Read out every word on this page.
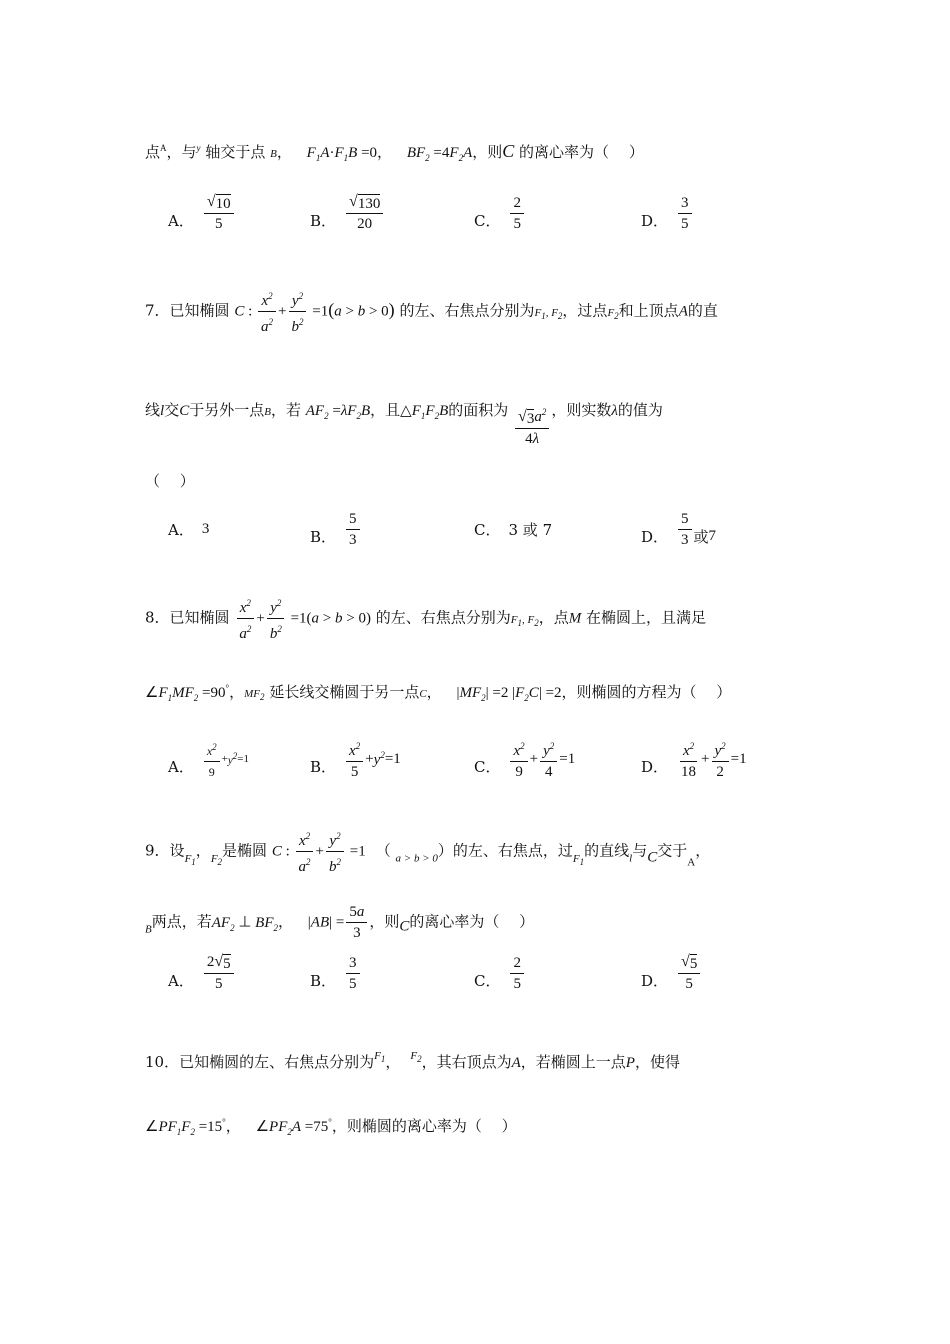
点$^A$，与$^y$ 轴交于点 B， $F_1A\cdot F_1B =0$， $BF_2 =4F_2A$，则C 的离心率为（　 ）
A． $\frac{√ 10}{5}$	B． $\frac{√ 130}{20}$	C． $\frac{2}{5}$	D． $\frac{3}{5}$
7．已知椭圆 C : $\frac{x^2}{a^2} + \frac{y^2}{b^2} =1(a > b > 0)$ 的左、右焦点分别为$F_1$, $F_2$，过点$F_2$和上顶点A的直
线l交C于另外一点B，若 $AF_2 =\lambda F_2B$，且$\triangle F_1F_2B$的面积为 $\frac{√ 3 a^2}{4\lambda}$ ，则实数λ的值为
（　 ）
A． 3	B． $\frac{5}{3}$	C． 3 或 7	D． $\frac{5}{3}$ 或 7
8．已知椭圆 $\frac{x^2}{a^2} + \frac{y^2}{b^2} =1(a > b > 0)$ 的左、右焦点分别为$F_1$, $F_2$，点M 在椭圆上，且满足
$\angle F_1MF_2 =90^\circ$，$MF_2$ 延长线交椭圆于另一点C， $|MF_2| =2$ $|F_2C| =2$，则椭圆的方程为（　 ）
A． $\frac{x^2}{9} + y^2 =1$	B． $\frac{x^2}{5} + y^2 =1$	C． $\frac{x^2}{9} + \frac{y^2}{4} =1$	D． $\frac{x^2}{18} + \frac{y^2}{2} =1$
9．设$_{F_1}$，$_{F_2}$是椭圆 C : $\frac{x^2}{a^2} + \frac{y^2}{b^2} =1$ （ $_{a > b > 0}$）的左、右焦点，过$_{F_1}$的直线$_l$与C交于$_A$，
$_B$两点，若$AF_2$ ⊥ $BF_2$， $|AB| = \frac{5a}{3}$ ，则C的离心率为（　 ）
A． $\frac{2 √ 5}{5}$	B． $\frac{3}{5}$	C． $\frac{2}{5}$	D． $\frac{√ 5}{5}$
10．已知椭圆的左、右焦点分别为$^{F_1}$， $^{F_2}$，其右顶点为A，若椭圆上一点P，使得
$\angle PF_1F_2 =15^\circ$， $\angle PF_2A =75^\circ$，则椭圆的离心率为（　 ）
